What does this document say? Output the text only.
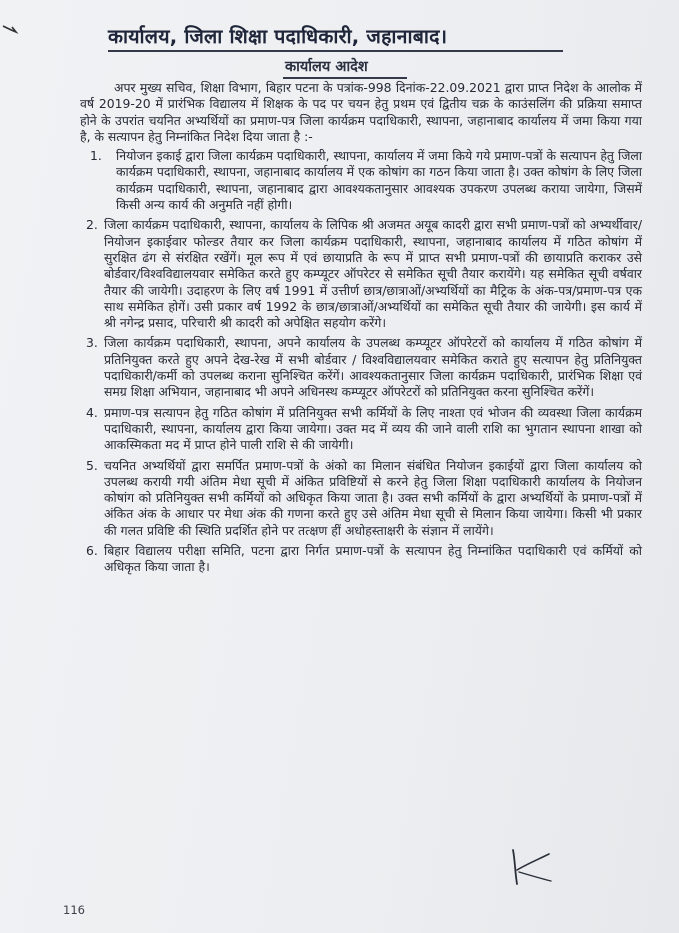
कार्यालय, जिला शिक्षा पदाधिकारी, जहानाबाद।
कार्यालय आदेश

अपर मुख्य सचिव, शिक्षा विभाग, बिहार पटना के पत्रांक-998 दिनांक-22.09.2021 द्वारा प्राप्त निदेश के आलोक में वर्ष 2019-20 में प्रारंभिक विद्यालय में शिक्षक के पद पर चयन हेतु प्रथम एवं द्वितीय चक्र के काउंसलिंग की प्रक्रिया समाप्त होने के उपरांत चयनित अभ्यर्थियों का प्रमाण-पत्र जिला कार्यक्रम पदाधिकारी, स्थापना, जहानाबाद कार्यालय में जमा किया गया है, के सत्यापन हेतु निम्नांकित निदेश दिया जाता है :-

1. नियोजन इकाई द्वारा जिला कार्यक्रम पदाधिकारी, स्थापना, कार्यालय में जमा किये गये प्रमाण-पत्रों के सत्यापन हेतु जिला कार्यक्रम पदाधिकारी, स्थापना, जहानाबाद कार्यालय में एक कोषांग का गठन किया जाता है। उक्त कोषांग के लिए जिला कार्यक्रम पदाधिकारी, स्थापना, जहानाबाद द्वारा आवश्यकतानुसार आवश्यक उपकरण उपलब्ध कराया जायेगा, जिसमें किसी अन्य कार्य की अनुमति नहीं होगी।
2. जिला कार्यक्रम पदाधिकारी, स्थापना, कार्यालय के लिपिक श्री अजमत अयूब कादरी द्वारा सभी प्रमाण-पत्रों को अभ्यर्थीवार/नियोजन इकाईवार फोल्डर तैयार कर जिला कार्यक्रम पदाधिकारी, स्थापना, जहानाबाद कार्यालय में गठित कोषांग में सुरक्षित ढंग से संरक्षित रखेंगें। मूल रूप में एवं छायाप्रति के रूप में प्राप्त सभी प्रमाण-पत्रों की छायाप्रति कराकर उसे बोर्डवार/विश्वविद्यालयवार समेकित करते हुए कम्प्यूटर ऑपरेटर से समेकित सूची तैयार करायेंगे। यह समेकित सूची वर्षवार तैयार की जायेगी। उदाहरण के लिए वर्ष 1991 में उत्तीर्ण छात्र/छात्राओं/अभ्यर्थियों का मैट्रिक के अंक-पत्र/प्रमाण-पत्र एक साथ समेकित होगें। उसी प्रकार वर्ष 1992 के छात्र/छात्राओं/अभ्यर्थियों का समेकित सूची तैयार की जायेगी। इस कार्य में श्री नगेन्द्र प्रसाद, परिचारी श्री कादरी को अपेक्षित सहयोग करेंगे।
3. जिला कार्यक्रम पदाधिकारी, स्थापना, अपने कार्यालय के उपलब्ध कम्प्यूटर ऑपरेटरों को कार्यालय में गठित कोषांग में प्रतिनियुक्त करते हुए अपने देख-रेख में सभी बोर्डवार / विश्वविद्यालयवार समेकित कराते हुए सत्यापन हेतु प्रतिनियुक्त पदाधिकारी/कर्मी को उपलब्ध कराना सुनिश्चित करेंगें। आवश्यकतानुसार जिला कार्यक्रम पदाधिकारी, प्रारंभिक शिक्षा एवं समग्र शिक्षा अभियान, जहानाबाद भी अपने अधिनस्थ कम्प्यूटर ऑपरेटरों को प्रतिनियुक्त करना सुनिश्चित करेंगें।
4. प्रमाण-पत्र सत्यापन हेतु गठित कोषांग में प्रतिनियुक्त सभी कर्मियों के लिए नाश्ता एवं भोजन की व्यवस्था जिला कार्यक्रम पदाधिकारी, स्थापना, कार्यालय द्वारा किया जायेगा। उक्त मद में व्यय की जाने वाली राशि का भुगतान स्थापना शाखा को आकस्मिकता मद में प्राप्त होने पाली राशि से की जायेगी।
5. चयनित अभ्यर्थियों द्वारा समर्पित प्रमाण-पत्रों के अंको का मिलान संबंधित नियोजन इकाईयों द्वारा जिला कार्यालय को उपलब्ध करायी गयी अंतिम मेधा सूची में अंकित प्रविष्टियों से करने हेतु जिला शिक्षा पदाधिकारी कार्यालय के नियोजन कोषांग को प्रतिनियुक्त सभी कर्मियों को अधिकृत किया जाता है। उक्त सभी कर्मियों के द्वारा अभ्यर्थियों के प्रमाण-पत्रों में अंकित अंक के आधार पर मेधा अंक की गणना करते हुए उसे अंतिम मेधा सूची से मिलान किया जायेगा। किसी भी प्रकार की गलत प्रविष्टि की स्थिति प्रदर्शित होने पर तत्क्षण हीं अधोहस्ताक्षरी के संज्ञान में लायेंगे।
6. बिहार विद्यालय परीक्षा समिति, पटना द्वारा निर्गत प्रमाण-पत्रों के सत्यापन हेतु निम्नांकित पदाधिकारी एवं कर्मियों को अधिकृत किया जाता है।
116
